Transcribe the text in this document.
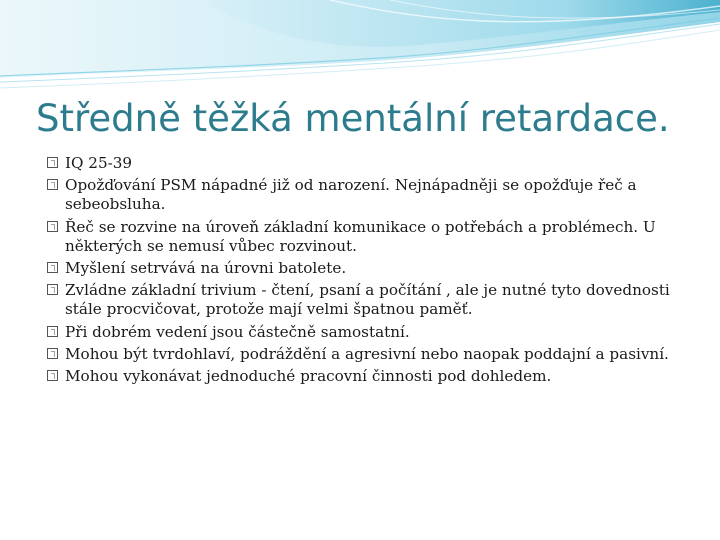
Středně těžká mentální retardace.
IQ 25-39
Opožďování PSM nápadné již od narození. Nejnápadněji se opožďuje řeč a sebeobsluha.
Řeč se rozvine na úroveň základní komunikace o potřebách a problémech. U některých se nemusí vůbec rozvinout.
Myšlení setrvává na úrovni batolete.
Zvládne základní trivium - čtení, psaní a počítání , ale je nutné tyto dovednosti stále procvičovat, protože mají velmi špatnou paměť.
Při dobrém vedení jsou částečně samostatní.
Mohou být tvrdohlaví, podráždění a agresivní nebo naopak poddajní a pasivní.
Mohou vykonávat jednoduché pracovní činnosti pod dohledem.
